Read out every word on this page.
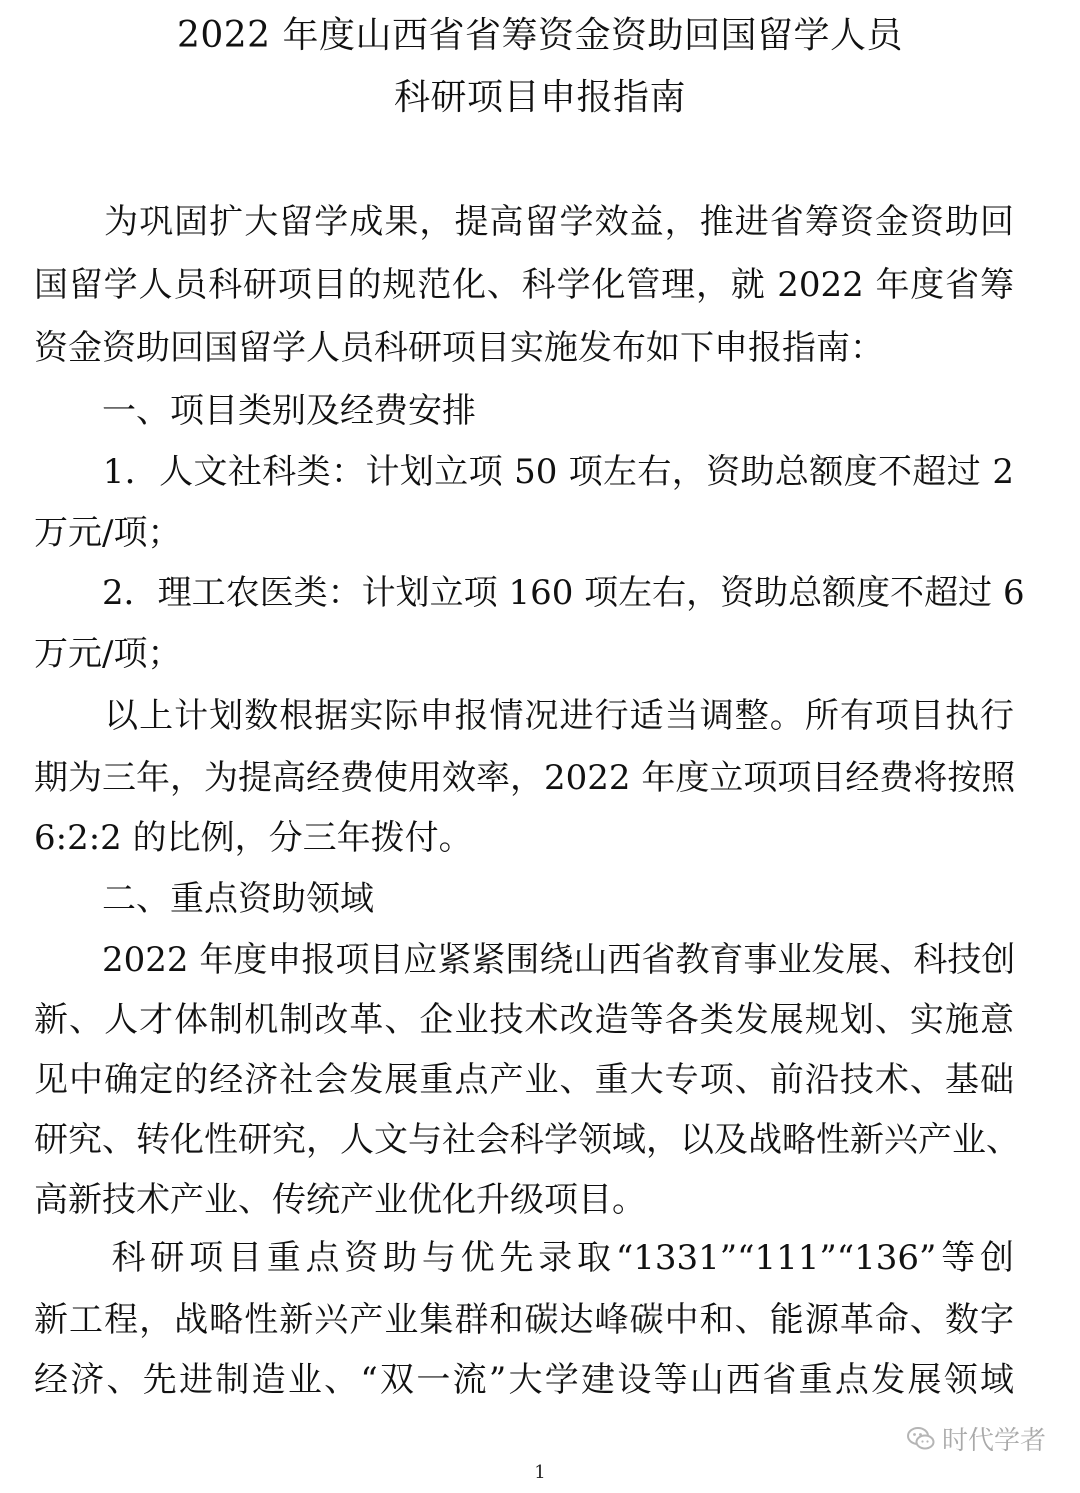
2022 年度山西省省筹资金资助回国留学人员
科研项目申报指南
　　为巩固扩大留学成果，提高留学效益，推进省筹资金资助回
国留学人员科研项目的规范化、科学化管理，就 2022 年度省筹
资金资助回国留学人员科研项目实施发布如下申报指南：
　　一、项目类别及经费安排
　　1．人文社科类：计划立项 50 项左右，资助总额度不超过 2
万元/项；
　　2．理工农医类：计划立项 160 项左右，资助总额度不超过 6
万元/项；
　　以上计划数根据实际申报情况进行适当调整。所有项目执行
期为三年，为提高经费使用效率，2022 年度立项项目经费将按照
6:2:2 的比例，分三年拨付。
　　二、重点资助领域
　　2022 年度申报项目应紧紧围绕山西省教育事业发展、科技创
新、人才体制机制改革、企业技术改造等各类发展规划、实施意
见中确定的经济社会发展重点产业、重大专项、前沿技术、基础
研究、转化性研究，人文与社会科学领域，以及战略性新兴产业、
高新技术产业、传统产业优化升级项目。
　　科研项目重点资助与优先录取“1331”“111”“136”等创
新工程，战略性新兴产业集群和碳达峰碳中和、能源革命、数字
经济、先进制造业、“双一流”大学建设等山西省重点发展领域
时代学者
1
